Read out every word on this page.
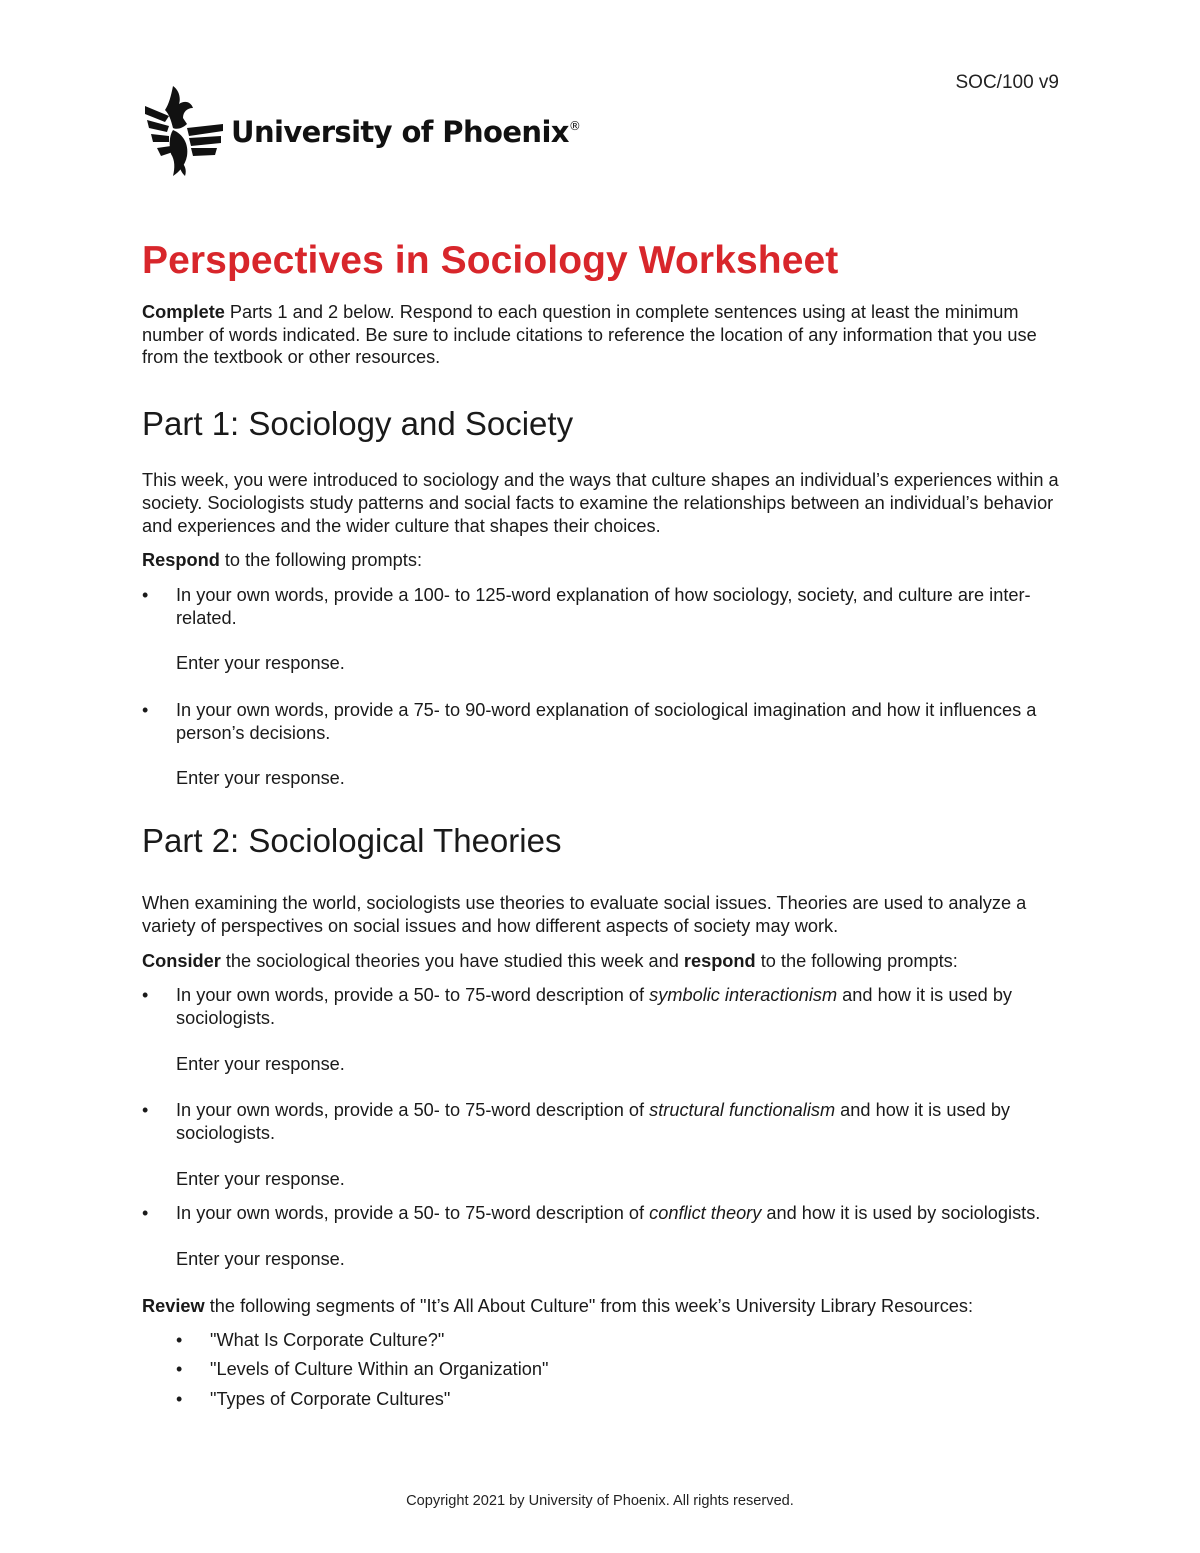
SOC/100 v9
University of Phoenix®
Perspectives in Sociology Worksheet

Complete Parts 1 and 2 below. Respond to each question in complete sentences using at least the minimum number of words indicated. Be sure to include citations to reference the location of any information that you use from the textbook or other resources.

Part 1: Sociology and Society

This week, you were introduced to sociology and the ways that culture shapes an individual’s experiences within a society. Sociologists study patterns and social facts to examine the relationships between an individual’s behavior and experiences and the wider culture that shapes their choices.

Respond to the following prompts:

• In your own words, provide a 100- to 125-word explanation of how sociology, society, and culture are inter-related.

Enter your response.

• In your own words, provide a 75- to 90-word explanation of sociological imagination and how it influences a person’s decisions.

Enter your response.

Part 2: Sociological Theories

When examining the world, sociologists use theories to evaluate social issues. Theories are used to analyze a variety of perspectives on social issues and how different aspects of society may work.

Consider the sociological theories you have studied this week and respond to the following prompts:

• In your own words, provide a 50- to 75-word description of symbolic interactionism and how it is used by sociologists.

Enter your response.

• In your own words, provide a 50- to 75-word description of structural functionalism and how it is used by sociologists.

Enter your response.

• In your own words, provide a 50- to 75-word description of conflict theory and how it is used by sociologists.

Enter your response.

Review the following segments of "It’s All About Culture" from this week’s University Library Resources:

• "What Is Corporate Culture?"

• "Levels of Culture Within an Organization"

• "Types of Corporate Cultures"

Copyright 2021 by University of Phoenix. All rights reserved.
